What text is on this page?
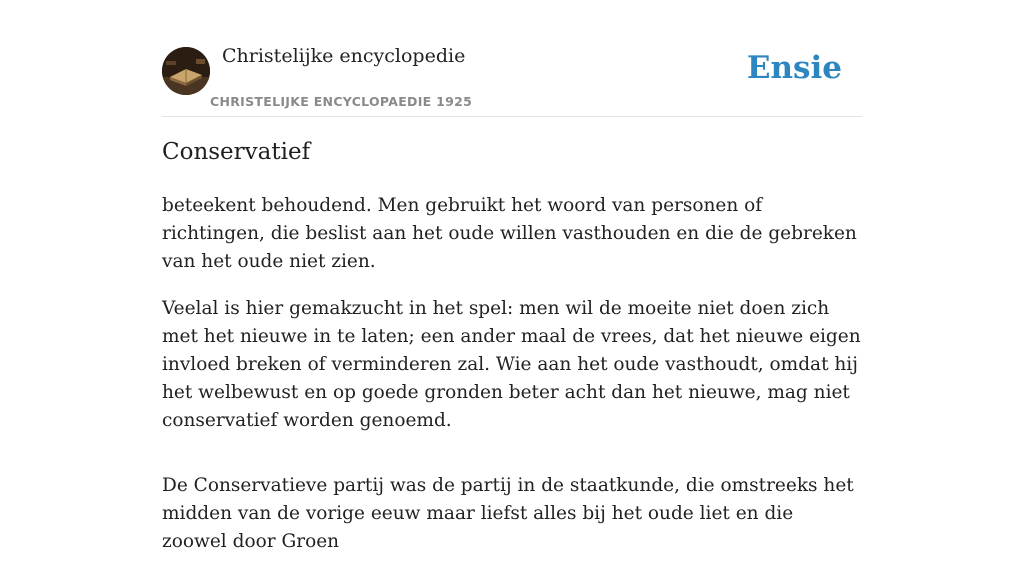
Christelijke encyclopedie
CHRISTELIJKE ENCYCLOPAEDIE 1925
Ensie
Conservatief

beteekent behoudend. Men gebruikt het woord van personen of richtingen, die beslist aan het oude willen vasthouden en die de gebreken van het oude niet zien.

Veelal is hier gemakzucht in het spel: men wil de moeite niet doen zich met het nieuwe in te laten; een ander maal de vrees, dat het nieuwe eigen invloed breken of verminderen zal. Wie aan het oude vasthoudt, omdat hij het welbewust en op goede gronden beter acht dan het nieuwe, mag niet conservatief worden genoemd.

De Conservatieve partij was de partij in de staatkunde, die omstreeks het midden van de vorige eeuw maar liefst alles bij het oude liet en die zoowel door Groen
